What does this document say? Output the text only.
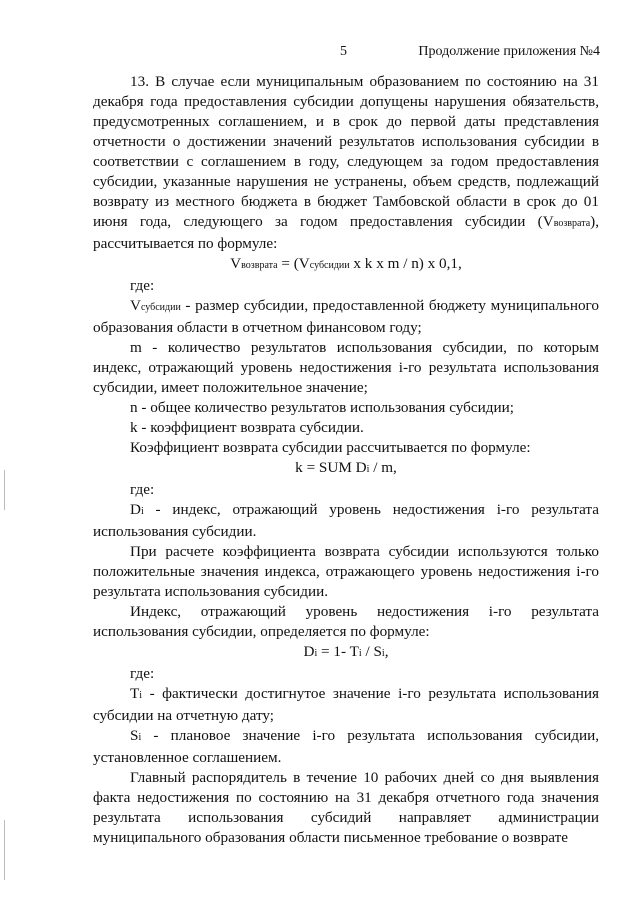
5	Продолжение приложения №4

13. В случае если муниципальным образованием по состоянию на 31 декабря года предоставления субсидии допущены нарушения обязательств, предусмотренных соглашением, и в срок до первой даты представления отчетности о достижении значений результатов использования субсидии в соответствии с соглашением в году, следующем за годом предоставления субсидии, указанные нарушения не устранены, объем средств, подлежащий возврату из местного бюджета в бюджет Тамбовской области в срок до 01 июня года, следующего за годом предоставления субсидии (Vвозврата), рассчитывается по формуле:

Vвозврата = (Vсубсидии x k x m / n) x 0,1,

где:

Vсубсидии - размер субсидии, предоставленной бюджету муниципального образования области в отчетном финансовом году;

m - количество результатов использования субсидии, по которым индекс, отражающий уровень недостижения i-го результата использования субсидии, имеет положительное значение;

n - общее количество результатов использования субсидии;

k - коэффициент возврата субсидии.

Коэффициент возврата субсидии рассчитывается по формуле:

k = SUM Di / m,

где:

Di - индекс, отражающий уровень недостижения i-го результата использования субсидии.

При расчете коэффициента возврата субсидии используются только положительные значения индекса, отражающего уровень недостижения i-го результата использования субсидии.

Индекс, отражающий уровень недостижения i-го результата использования субсидии, определяется по формуле:

Di = 1- Ti / Si,

где:

Ti - фактически достигнутое значение i-го результата использования субсидии на отчетную дату;

Si - плановое значение i-го результата использования субсидии, установленное соглашением.

Главный распорядитель в течение 10 рабочих дней со дня выявления факта недостижения по состоянию на 31 декабря отчетного года значения результата использования субсидий направляет администрации муниципального образования области письменное требование о возврате
